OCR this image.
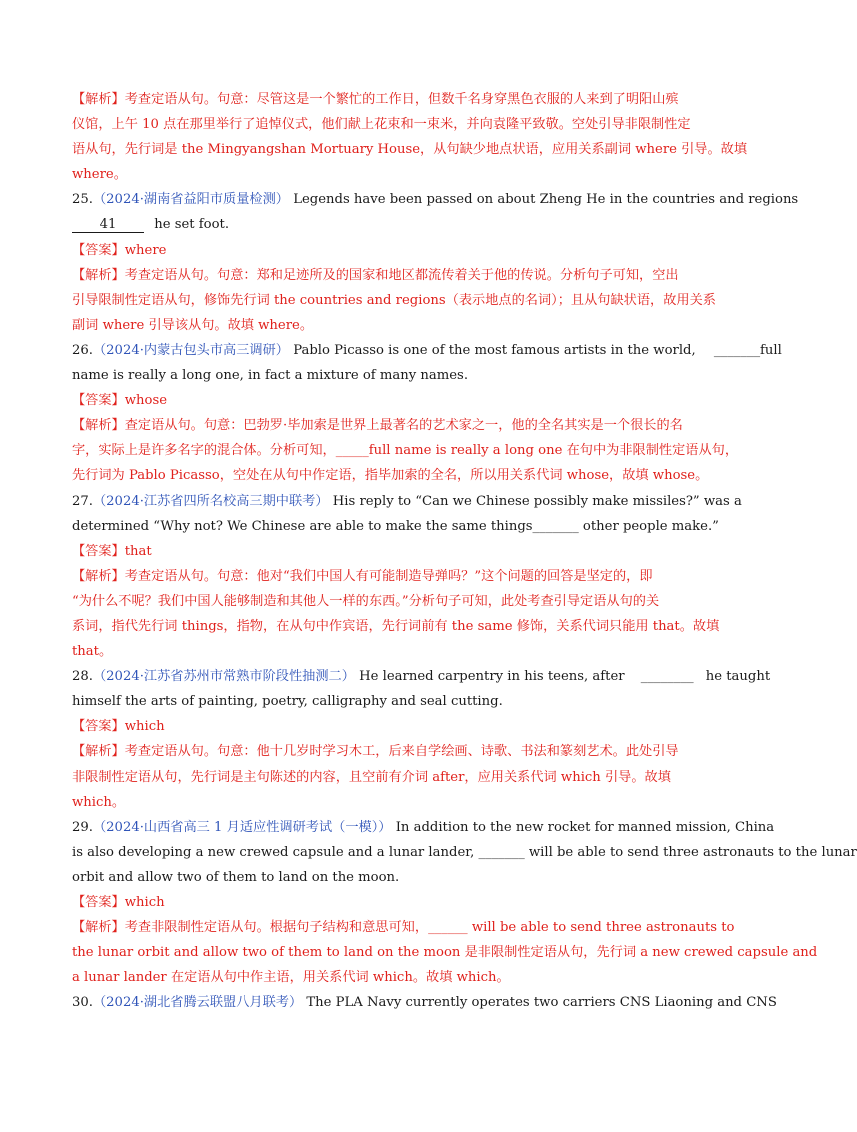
【解析】考查定语从句。句意：尽管这是一个繁忙的工作日，但数千名身穿黑色衣服的人来到了明阳山殡
仪馆，上午 10 点在那里举行了追悼仪式，他们献上花束和一束米，并向袁隆平致敬。空处引导非限制性定
语从句，先行词是 the Mingyangshan Mortuary House，从句缺少地点状语，应用关系副词 where 引导。故填
where。
25.（2024·湖南省益阳市质量检测） Legends have been passed on about Zheng He in the countries and regions
41	he set foot.
【答案】where
【解析】考查定语从句。句意：郑和足迹所及的国家和地区都流传着关于他的传说。分析句子可知，空出
引导限制性定语从句，修饰先行词 the countries and regions（表示地点的名词）；且从句缺状语，故用关系
副词 where 引导该从句。故填 where。
26.（2024·内蒙古包头市高三调研） Pablo Picasso is one of the most famous artists in the world, _______full
name is really a long one, in fact a mixture of many names.
【答案】whose
【解析】查定语从句。句意：巴勃罗·毕加索是世界上最著名的艺术家之一，他的全名其实是一个很长的名
字，实际上是许多名字的混合体。分析可知，_____full name is really a long one 在句中为非限制性定语从句，
先行词为 Pablo Picasso，空处在从句中作定语，指毕加索的全名，所以用关系代词 whose，故填 whose。
27.（2024·江苏省四所名校高三期中联考） His reply to “Can we Chinese possibly make missiles?” was a
determined “Why not? We Chinese are able to make the same things_______ other people make.”
【答案】that
【解析】考查定语从句。句意：他对“我们中国人有可能制造导弹吗？”这个问题的回答是坚定的，即
“为什么不呢？我们中国人能够制造和其他人一样的东西。”分析句子可知，此处考查引导定语从句的关
系词，指代先行词 things，指物，在从句中作宾语，先行词前有 the same 修饰，关系代词只能用 that。故填
that。
28.（2024·江苏省苏州市常熟市阶段性抽测二） He learned carpentry in his teens, after ________ he taught
himself the arts of painting, poetry, calligraphy and seal cutting.
【答案】which
【解析】考查定语从句。句意：他十几岁时学习木工，后来自学绘画、诗歌、书法和篆刻艺术。此处引导
非限制性定语从句，先行词是主句陈述的内容，且空前有介词 after，应用关系代词 which 引导。故填
which。
29.（2024·山西省高三 1 月适应性调研考试（一模）） In addition to the new rocket for manned mission, China
is also developing a new crewed capsule and a lunar lander, _______ will be able to send three astronauts to the lunar
orbit and allow two of them to land on the moon.
【答案】which
【解析】考查非限制性定语从句。根据句子结构和意思可知，______ will be able to send three astronauts to
the lunar orbit and allow two of them to land on the moon 是非限制性定语从句，先行词 a new crewed capsule and
a lunar lander 在定语从句中作主语，用关系代词 which。故填 which。
30.（2024·湖北省腾云联盟八月联考） The PLA Navy currently operates two carriers CNS Liaoning and CNS
